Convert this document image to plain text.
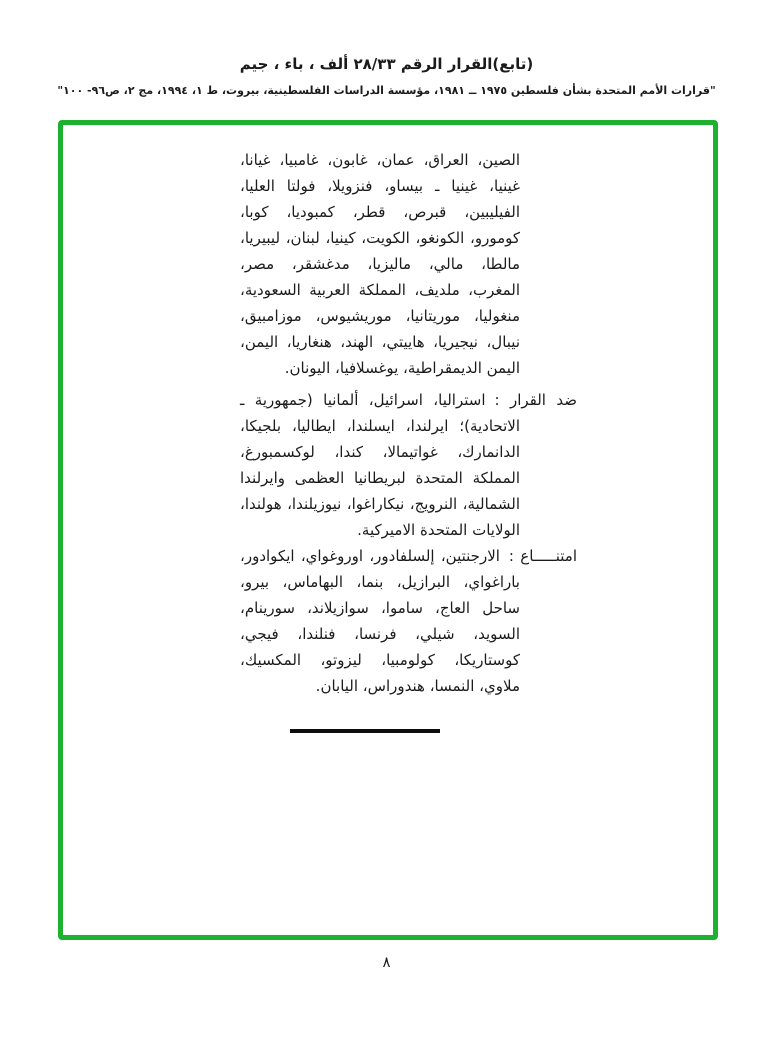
(تابع)القرار الرقم ٢٨/٣٣ ألف ، باء ، جيم
"قرارات الأمم المتحدة بشأن فلسطين ١٩٧٥ ــ ١٩٨١، مؤسسة الدراسات الفلسطينية، بيروت، ط ١، ١٩٩٤، مج ٢، ص٩٦- ١٠٠"

الصين، العراق، عمان، غابون، غامبيا، غيانا، غينيا، غينيا ـ بيساو، فنزويلا، فولتا العليا، الفيليبين، قبرص، قطر، كمبوديا، كوبا، كومورو، الكونغو، الكويت، كينيا، لبنان، ليبيريا، مالطا، مالي، ماليزيا، مدغشقر، مصر، المغرب، ملديف، المملكة العربية السعودية، منغوليا، موريتانيا، موريشيوس، موزامبيق، نيبال، نيجيريا، هاييتي، الهند، هنغاريا، اليمن، اليمن الديمقراطية، يوغسلافيا، اليونان.

ضد القرار :استراليا، اسرائيل، ألمانيا (جمهورية ـ الاتحادية)؛ ايرلندا، ايسلندا، ايطاليا، بلجيكا، الدانمارك، غواتيمالا، كندا، لوكسمبورغ، المملكة المتحدة لبريطانيا العظمى وايرلندا الشمالية، النرويج، نيكاراغوا، نيوزيلندا، هولندا، الولايات المتحدة الاميركية.

امتنـــــاع :الارجنتين، إلسلفادور، اوروغواي، ايكوادور، باراغواي، البرازيل، بنما، البهاماس، بيرو، ساحل العاج، ساموا، سوازيلاند، سورينام، السويد، شيلي، فرنسا، فنلندا، فيجي، كوستاريكا، كولومبيا، ليزوتو، المكسيك، ملاوي، النمسا، هندوراس، اليابان.

٨
